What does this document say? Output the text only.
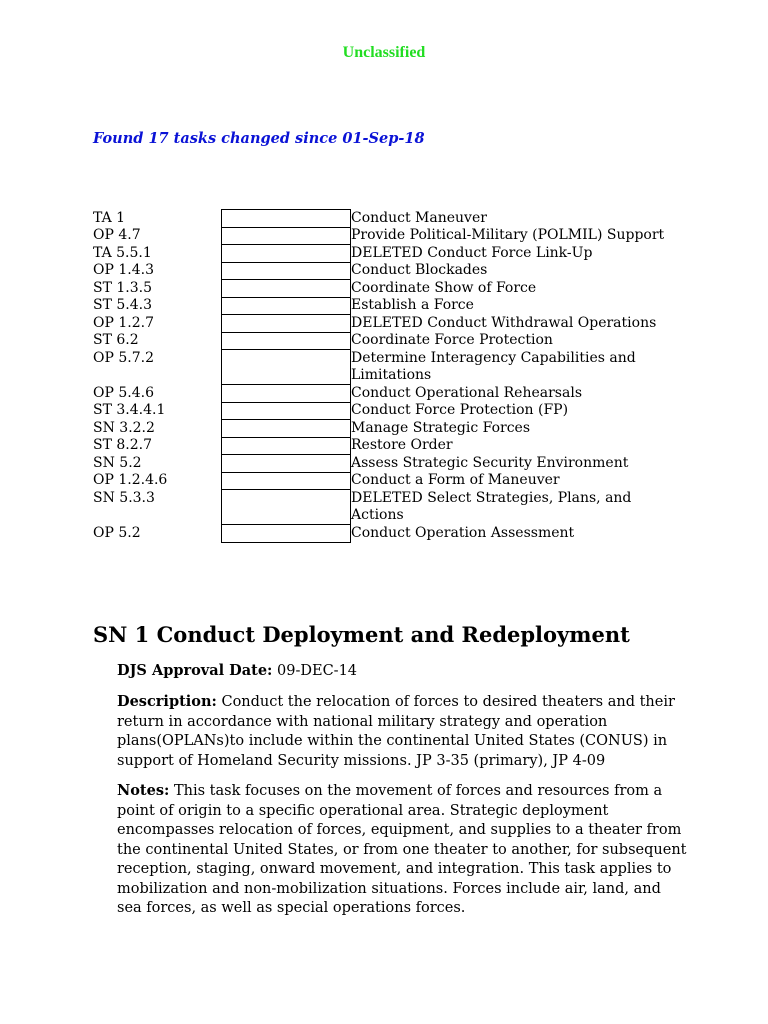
Unclassified
Found 17 tasks changed since 01-Sep-18
TA 1		Conduct Maneuver
OP 4.7		Provide Political-Military (POLMIL) Support
TA 5.5.1		DELETED Conduct Force Link-Up
OP 1.4.3		Conduct Blockades
ST 1.3.5		Coordinate Show of Force
ST 5.4.3		Establish a Force
OP 1.2.7		DELETED Conduct Withdrawal Operations
ST 6.2		Coordinate Force Protection
OP 5.7.2		Determine Interagency Capabilities and Limitations
OP 5.4.6		Conduct Operational Rehearsals
ST 3.4.4.1		Conduct Force Protection (FP)
SN 3.2.2		Manage Strategic Forces
ST 8.2.7		Restore Order
SN 5.2		Assess Strategic Security Environment
OP 1.2.4.6		Conduct a Form of Maneuver
SN 5.3.3		DELETED Select Strategies, Plans, and Actions
OP 5.2		Conduct Operation Assessment
SN 1 Conduct Deployment and Redeployment
DJS Approval Date: 09-DEC-14
Description: Conduct the relocation of forces to desired theaters and their return in accordance with national military strategy and operation plans(OPLANs)to include within the continental United States (CONUS) in support of Homeland Security missions. JP 3-35 (primary), JP 4-09
Notes: This task focuses on the movement of forces and resources from a point of origin to a specific operational area. Strategic deployment encompasses relocation of forces, equipment, and supplies to a theater from the continental United States, or from one theater to another, for subsequent reception, staging, onward movement, and integration. This task applies to mobilization and non-mobilization situations. Forces include air, land, and sea forces, as well as special operations forces.
